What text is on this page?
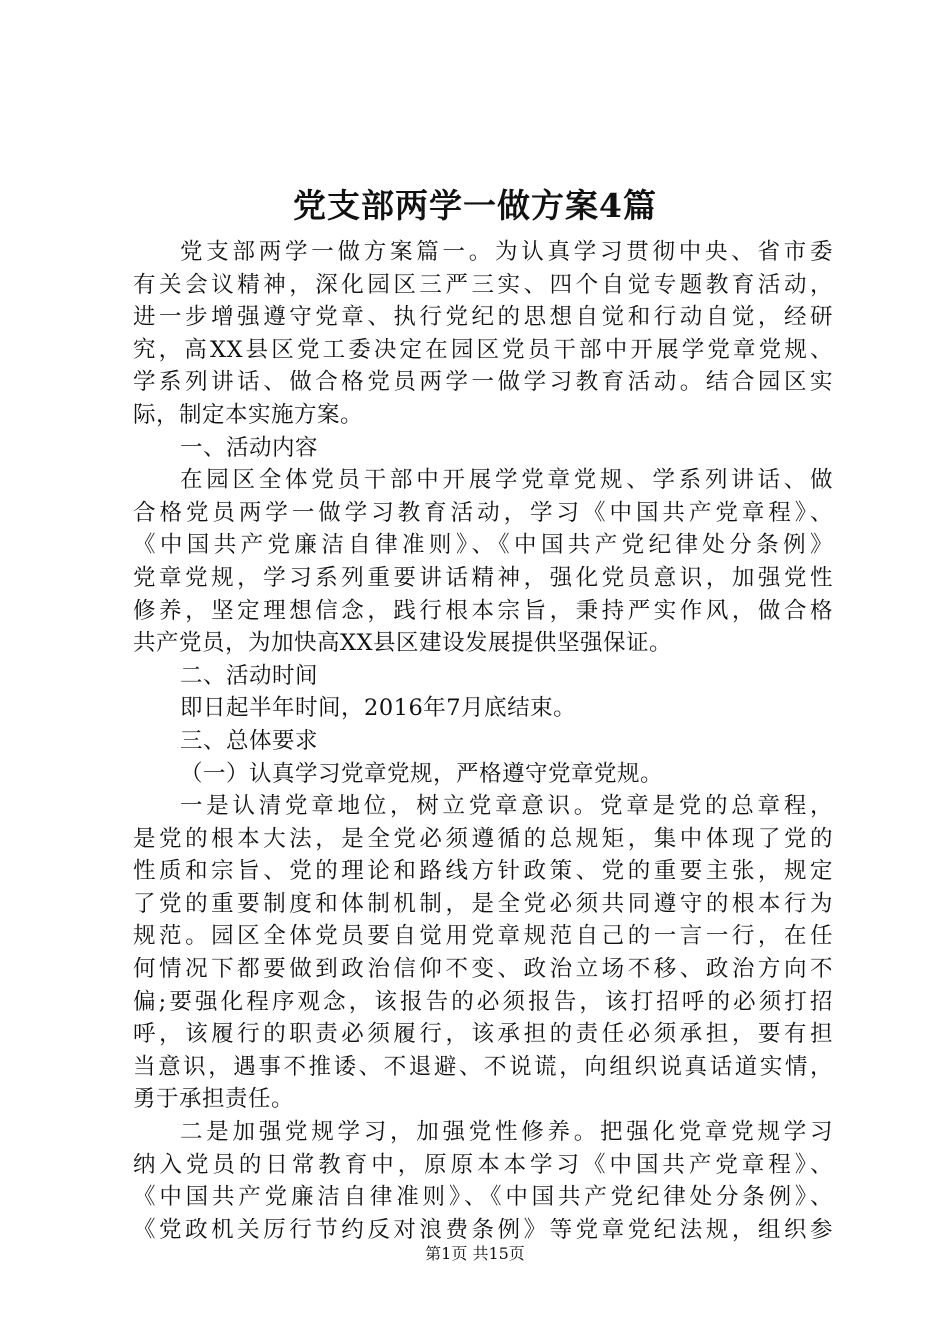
党支部两学一做方案4篇
党支部两学一做方案篇一。为认真学习贯彻中央、省市委
有关会议精神，深化园区三严三实、四个自觉专题教育活动，
进一步增强遵守党章、执行党纪的思想自觉和行动自觉，经研
究，高XX县区党工委决定在园区党员干部中开展学党章党规、
学系列讲话、做合格党员两学一做学习教育活动。结合园区实
际，制定本实施方案。
一、活动内容
在园区全体党员干部中开展学党章党规、学系列讲话、做
合格党员两学一做学习教育活动，学习《中国共产党章程》、
《中国共产党廉洁自律准则》、《中国共产党纪律处分条例》
党章党规，学习系列重要讲话精神，强化党员意识，加强党性
修养，坚定理想信念，践行根本宗旨，秉持严实作风，做合格
共产党员，为加快高XX县区建设发展提供坚强保证。
二、活动时间
即日起半年时间，2016年7月底结束。
三、总体要求
（一）认真学习党章党规，严格遵守党章党规。
一是认清党章地位，树立党章意识。党章是党的总章程，
是党的根本大法，是全党必须遵循的总规矩，集中体现了党的
性质和宗旨、党的理论和路线方针政策、党的重要主张，规定
了党的重要制度和体制机制，是全党必须共同遵守的根本行为
规范。园区全体党员要自觉用党章规范自己的一言一行，在任
何情况下都要做到政治信仰不变、政治立场不移、政治方向不
偏;要强化程序观念，该报告的必须报告，该打招呼的必须打招
呼，该履行的职责必须履行，该承担的责任必须承担，要有担
当意识，遇事不推诿、不退避、不说谎，向组织说真话道实情，
勇于承担责任。
二是加强党规学习，加强党性修养。把强化党章党规学习
纳入党员的日常教育中，原原本本学习《中国共产党章程》、
《中国共产党廉洁自律准则》、《中国共产党纪律处分条例》、
《党政机关厉行节约反对浪费条例》等党章党纪法规，组织参
第1页 共15页
